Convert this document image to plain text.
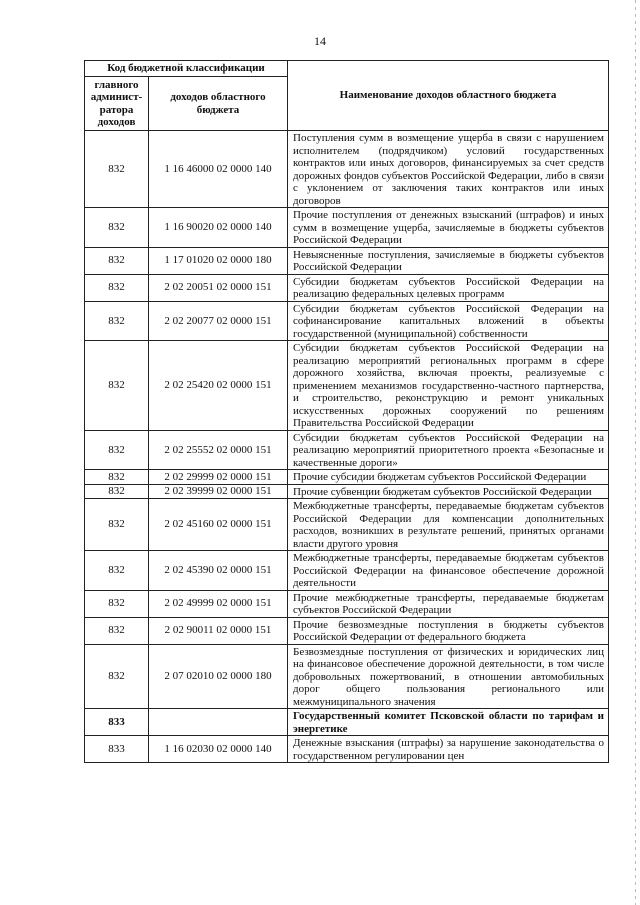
14
Код бюджетной классификации		Наименование доходов областного бюджета
главного админист-ратора доходов	доходов областного бюджета	
832	1 16 46000 02 0000 140	Поступления сумм в возмещение ущерба в связи с нарушением исполнителем (подрядчиком) условий государственных контрактов или иных договоров, финансируемых за счет средств дорожных фондов субъектов Российской Федерации, либо в связи с уклонением от заключения таких контрактов или иных договоров
832	1 16 90020 02 0000 140	Прочие поступления от денежных взысканий (штрафов) и иных сумм в возмещение ущерба, зачисляемые в бюджеты субъектов Российской Федерации
832	1 17 01020 02 0000 180	Невыясненные поступления, зачисляемые в бюджеты субъектов Российской Федерации
832	2 02 20051 02 0000 151	Субсидии бюджетам субъектов Российской Федерации на реализацию федеральных целевых программ
832	2 02 20077 02 0000 151	Субсидии бюджетам субъектов Российской Федерации на софинансирование капитальных вложений в объекты государственной (муниципальной) собственности
832	2 02 25420 02 0000 151	Субсидии бюджетам субъектов Российской Федерации на реализацию мероприятий региональных программ в сфере дорожного хозяйства, включая проекты, реализуемые с применением механизмов государственно-частного партнерства, и строительство, реконструкцию и ремонт уникальных искусственных дорожных сооружений по решениям Правительства Российской Федерации
832	2 02 25552 02 0000 151	Субсидии бюджетам субъектов Российской Федерации на реализацию мероприятий приоритетного проекта «Безопасные и качественные дороги»
832	2 02 29999 02 0000 151	Прочие субсидии бюджетам субъектов Российской Федерации
832	2 02 39999 02 0000 151	Прочие субвенции бюджетам субъектов Российской Федерации
832	2 02 45160 02 0000 151	Межбюджетные трансферты, передаваемые бюджетам субъектов Российской Федерации для компенсации дополнительных расходов, возникших в результате решений, принятых органами власти другого уровня
832	2 02 45390 02 0000 151	Межбюджетные трансферты, передаваемые бюджетам субъектов Российской Федерации на финансовое обеспечение дорожной деятельности
832	2 02 49999 02 0000 151	Прочие межбюджетные трансферты, передаваемые бюджетам субъектов Российской Федерации
832	2 02 90011 02 0000 151	Прочие безвозмездные поступления в бюджеты субъектов Российской Федерации от федерального бюджета
832	2 07 02010 02 0000 180	Безвозмездные поступления от физических и юридических лиц на финансовое обеспечение дорожной деятельности, в том числе добровольных пожертвований, в отношении автомобильных дорог общего пользования регионального или межмуниципального значения
833		Государственный комитет Псковской области по тарифам и энергетике
833	1 16 02030 02 0000 140	Денежные взыскания (штрафы) за нарушение законодательства о государственном регулировании цен
